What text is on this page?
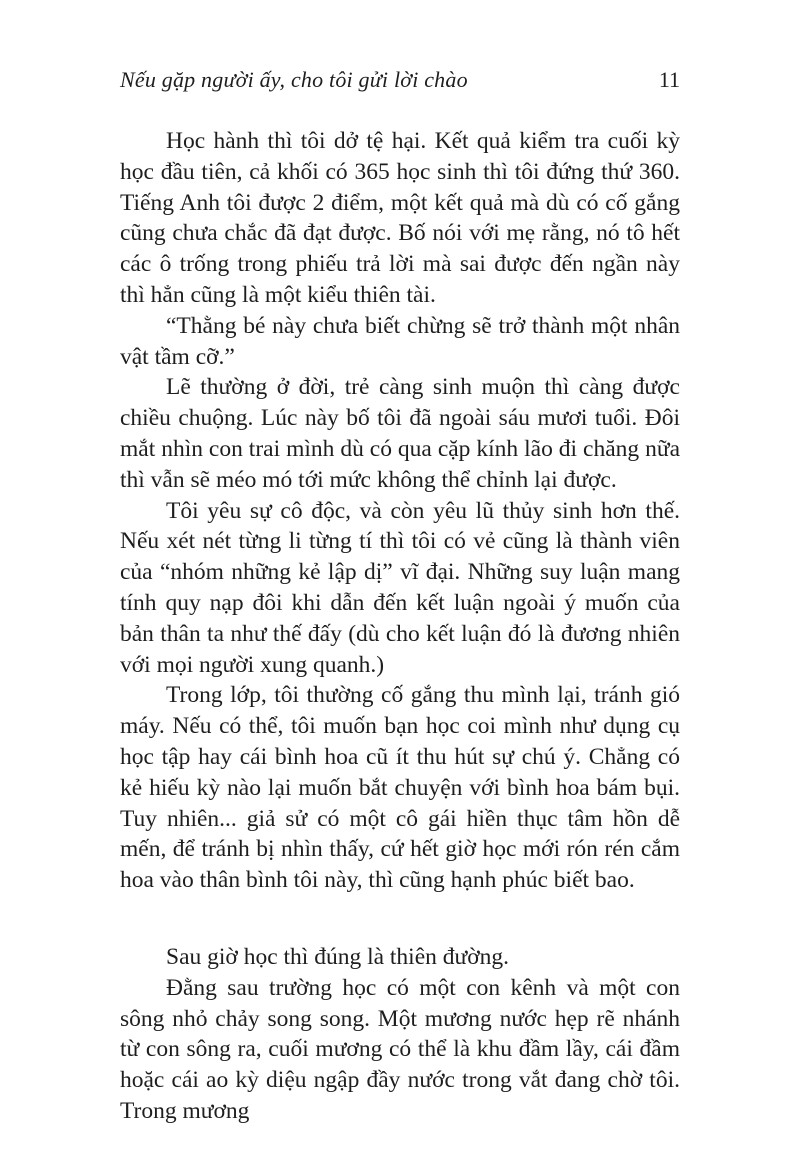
Nếu gặp người ấy, cho tôi gửi lời chào	11

Học hành thì tôi dở tệ hại. Kết quả kiểm tra cuối kỳ học đầu tiên, cả khối có 365 học sinh thì tôi đứng thứ 360. Tiếng Anh tôi được 2 điểm, một kết quả mà dù có cố gắng cũng chưa chắc đã đạt được. Bố nói với mẹ rằng, nó tô hết các ô trống trong phiếu trả lời mà sai được đến ngần này thì hẳn cũng là một kiểu thiên tài.

“Thằng bé này chưa biết chừng sẽ trở thành một nhân vật tầm cỡ.”

Lẽ thường ở đời, trẻ càng sinh muộn thì càng được chiều chuộng. Lúc này bố tôi đã ngoài sáu mươi tuổi. Đôi mắt nhìn con trai mình dù có qua cặp kính lão đi chăng nữa thì vẫn sẽ méo mó tới mức không thể chỉnh lại được.

Tôi yêu sự cô độc, và còn yêu lũ thủy sinh hơn thế. Nếu xét nét từng li từng tí thì tôi có vẻ cũng là thành viên của “nhóm những kẻ lập dị” vĩ đại. Những suy luận mang tính quy nạp đôi khi dẫn đến kết luận ngoài ý muốn của bản thân ta như thế đấy (dù cho kết luận đó là đương nhiên với mọi người xung quanh.)

Trong lớp, tôi thường cố gắng thu mình lại, tránh gió máy. Nếu có thể, tôi muốn bạn học coi mình như dụng cụ học tập hay cái bình hoa cũ ít thu hút sự chú ý. Chẳng có kẻ hiếu kỳ nào lại muốn bắt chuyện với bình hoa bám bụi. Tuy nhiên... giả sử có một cô gái hiền thục tâm hồn dễ mến, để tránh bị nhìn thấy, cứ hết giờ học mới rón rén cắm hoa vào thân bình tôi này, thì cũng hạnh phúc biết bao.

Sau giờ học thì đúng là thiên đường.

Đằng sau trường học có một con kênh và một con sông nhỏ chảy song song. Một mương nước hẹp rẽ nhánh từ con sông ra, cuối mương có thể là khu đầm lầy, cái đầm hoặc cái ao kỳ diệu ngập đầy nước trong vắt đang chờ tôi. Trong mương
